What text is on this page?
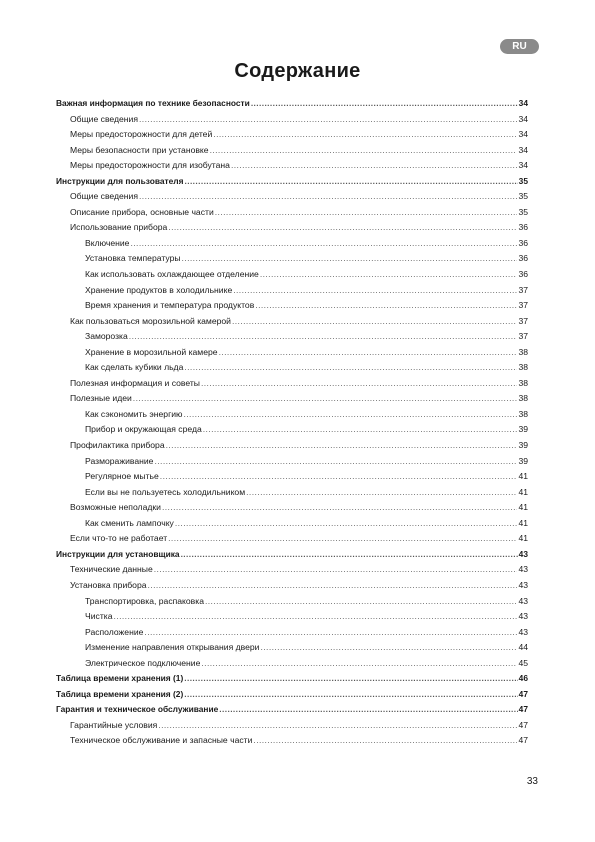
RU
Содержание
Важная информация по технике безопасности .....	34
Общие сведения .....	34
Меры предосторожности для детей .....	34
Меры безопасности при установке .....	34
Меры предосторожности для изобутана .....	34
Инструкции для пользователя .....	35
Общие сведения .....	35
Описание прибора, основные части .....	35
Использование прибора .....	36
Включение .....	36
Установка температуры .....	36
Как использовать охлаждающее отделение .....	36
Хранение продуктов в холодильнике .....	37
Время хранения и температура продуктов .....	37
Как пользоваться морозильной камерой .....	37
Заморозка .....	37
Хранение в морозильной камере .....	38
Как сделать кубики льда .....	38
Полезная информация и советы .....	38
Полезные идеи .....	38
Как сэкономить энергию .....	38
Прибор и окружающая среда .....	39
Профилактика прибора .....	39
Размораживание .....	39
Регулярное мытье .....	41
Если вы не пользуетесь холодильником .....	41
Возможные неполадки .....	41
Как сменить лампочку .....	41
Если что-то не работает .....	41
Инструкции для установщика .....	43
Технические данные .....	43
Установка прибора .....	43
Транспортировка, распаковка .....	43
Чистка .....	43
Расположение .....	43
Изменение направления открывания двери .....	44
Электрическое подключение .....	45
Таблица времени хранения (1) .....	46
Таблица времени хранения (2) .....	47
Гарантия и техническое обслуживание .....	47
Гарантийные условия .....	47
Техническое обслуживание и запасные части .....	47
33
